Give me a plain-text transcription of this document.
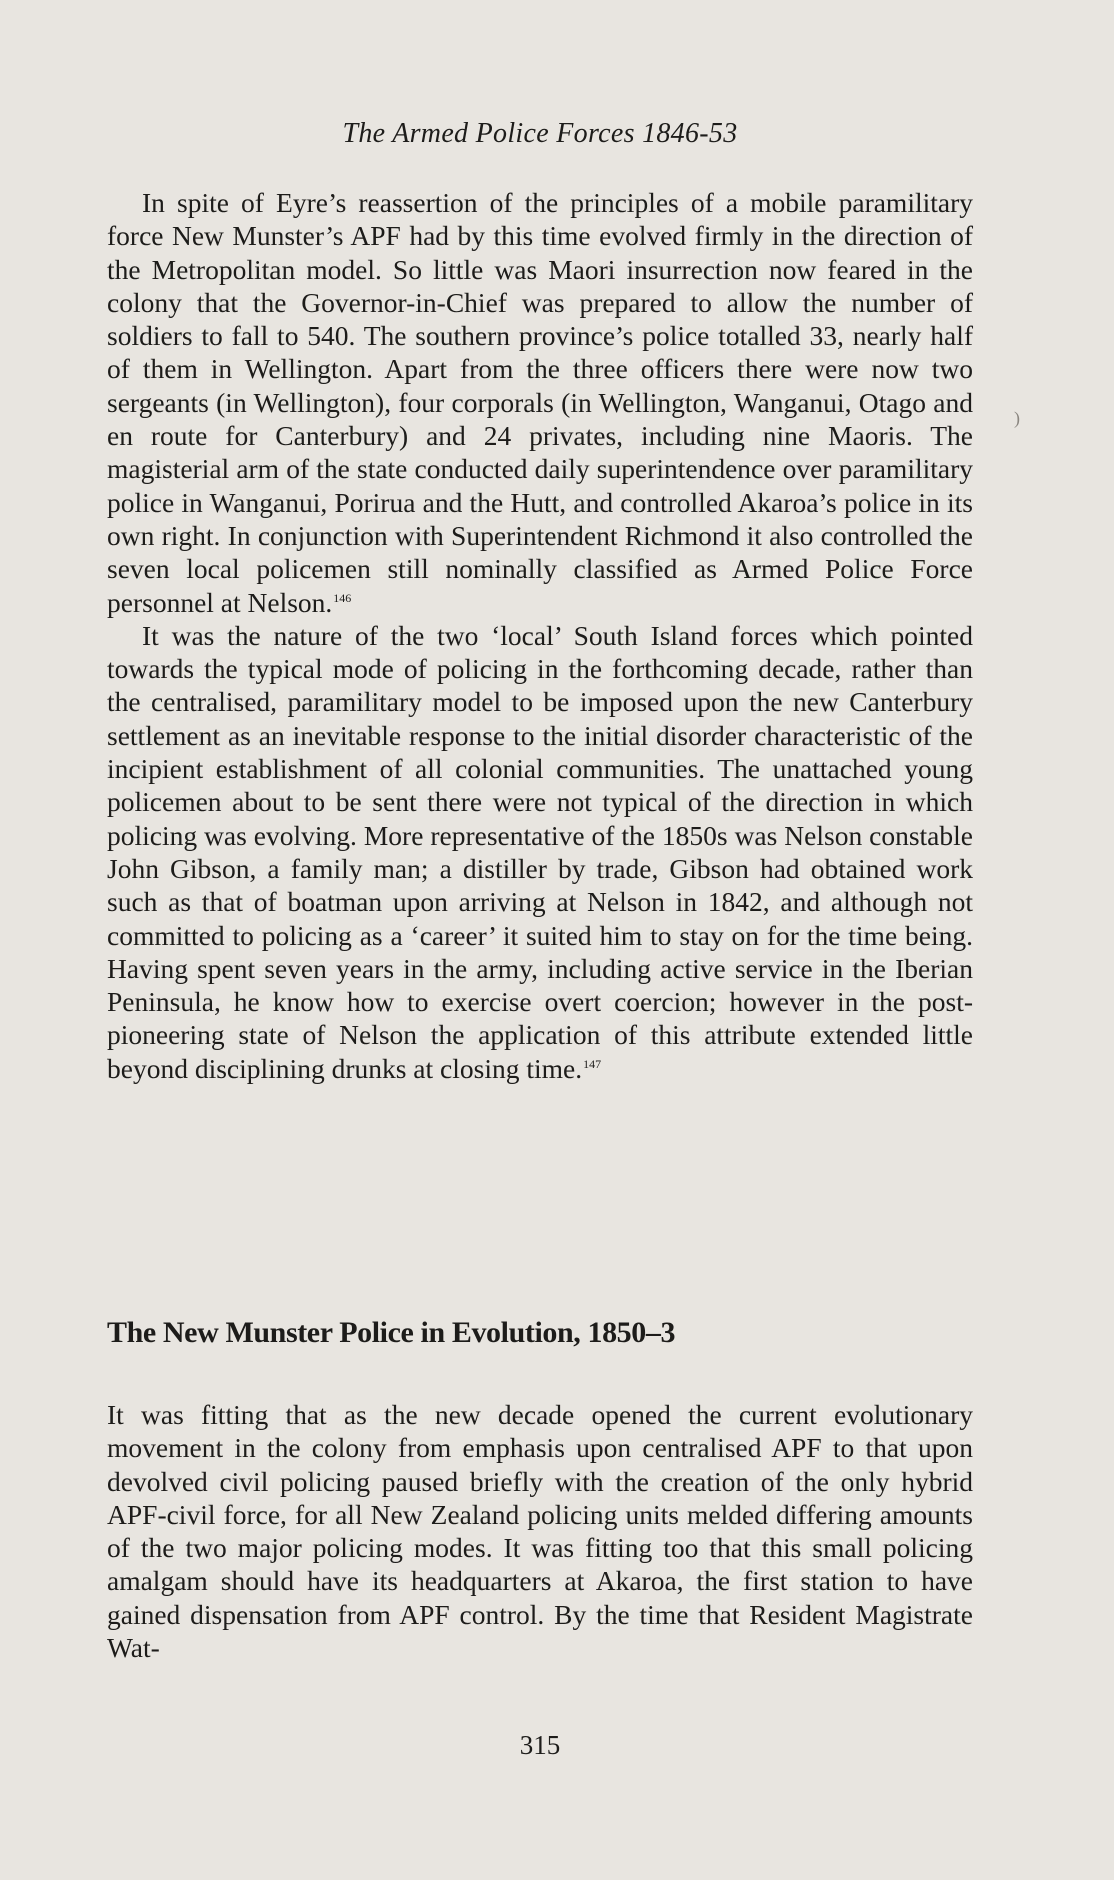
The Armed Police Forces 1846-53

In spite of Eyre’s reassertion of the principles of a mobile paramilitary force New Munster’s APF had by this time evolved firmly in the direction of the Metropolitan model. So little was Maori insurrection now feared in the colony that the Governor-in-Chief was prepared to allow the number of soldiers to fall to 540. The southern province’s police totalled 33, nearly half of them in Wellington. Apart from the three officers there were now two sergeants (in Wellington), four corporals (in Wellington, Wanganui, Otago and en route for Canterbury) and 24 privates, including nine Maoris. The magisterial arm of the state conducted daily superintendence over paramilitary police in Wanganui, Porirua and the Hutt, and controlled Akaroa’s police in its own right. In conjunction with Superintendent Richmond it also controlled the seven local policemen still nominally classified as Armed Police Force personnel at Nelson.$^{146}$

It was the nature of the two ‘local’ South Island forces which pointed towards the typical mode of policing in the forthcoming decade, rather than the centralised, paramilitary model to be imposed upon the new Canterbury settlement as an inevitable response to the initial disorder characteristic of the incipient establishment of all colonial communities. The unattached young policemen about to be sent there were not typical of the direction in which policing was evolving. More representative of the 1850s was Nelson constable John Gibson, a family man; a distiller by trade, Gibson had obtained work such as that of boatman upon arriving at Nelson in 1842, and although not committed to policing as a ‘career’ it suited him to stay on for the time being. Having spent seven years in the army, including active service in the Iberian Peninsula, he know how to exercise overt coercion; however in the post-pioneering state of Nelson the application of this attribute extended little beyond disciplining drunks at closing time.$^{147}$

The New Munster Police in Evolution, 1850–3

It was fitting that as the new decade opened the current evolutionary movement in the colony from emphasis upon centralised APF to that upon devolved civil policing paused briefly with the creation of the only hybrid APF-civil force, for all New Zealand policing units melded differing amounts of the two major policing modes. It was fitting too that this small policing amalgam should have its headquarters at Akaroa, the first station to have gained dispensation from APF control. By the time that Resident Magistrate Wat-

)
315
